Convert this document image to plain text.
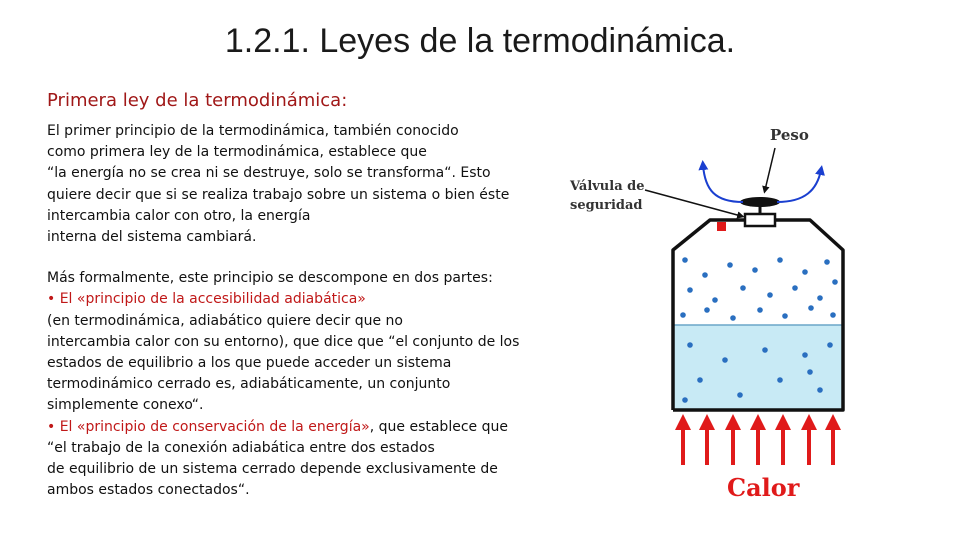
1.2.1. Leyes de la termodinámica.
Primera ley de la termodinámica:

El primer principio de la termodinámica, también conocido
como primera ley de la termodinámica, establece que
“la energía no se crea ni se destruye, solo se transforma“. Esto
quiere decir que si se realiza trabajo sobre un sistema o bien éste
intercambia calor con otro, la energía
interna del sistema cambiará.

Más formalmente, este principio se descompone en dos partes:
• El «principio de la accesibilidad adiabática»
(en termodinámica, adiabático quiere decir que no
intercambia calor con su entorno), que dice que “el conjunto de los
estados de equilibrio a los que puede acceder un sistema
termodinámico cerrado es, adiabáticamente, un conjunto
simplemente conexo“.
• El «principio de conservación de la energía», que establece que
“el trabajo de la conexión adiabática entre dos estados
de equilibrio de un sistema cerrado depende exclusivamente de
ambos estados conectados“.

Peso
Válvula de
seguridad
Calor
